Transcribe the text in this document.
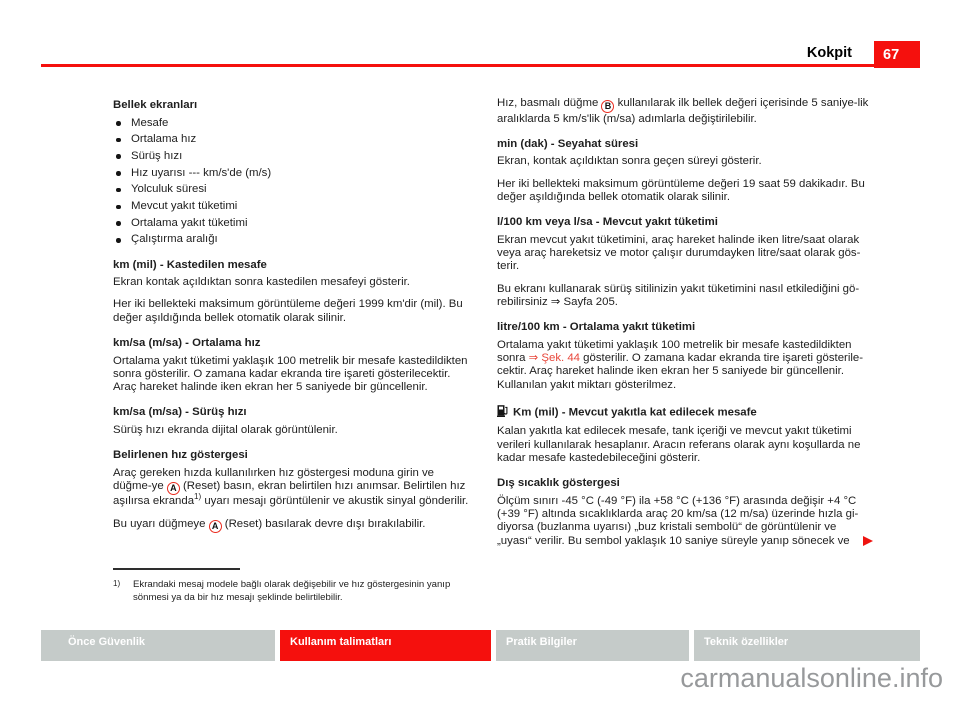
Kokpit	67
Bellek ekranları
Mesafe
Ortalama hız
Sürüş hızı
Hız uyarısı --- km/s'de (m/s)
Yolculuk süresi
Mevcut yakıt tüketimi
Ortalama yakıt tüketimi
Çalıştırma aralığı
km (mil) - Kastedilen mesafe
Ekran kontak açıldıktan sonra kastedilen mesafeyi gösterir.
Her iki bellekteki maksimum görüntüleme değeri 1999 km'dir (mil). Bu değer aşıldığında bellek otomatik olarak silinir.
km/sa (m/sa) - Ortalama hız
Ortalama yakıt tüketimi yaklaşık 100 metrelik bir mesafe kastedildikten sonra gösterilir. O zamana kadar ekranda tire işareti gösterilecektir. Araç hareket halinde iken ekran her 5 saniyede bir güncellenir.
km/sa (m/sa) - Sürüş hızı
Sürüş hızı ekranda dijital olarak görüntülenir.
Belirlenen hız göstergesi
Araç gereken hızda kullanılırken hız göstergesi moduna girin ve düğme-ye A (Reset) basın, ekran belirtilen hızı anımsar. Belirtilen hız aşılırsa ekranda$^{1)}$ uyarı mesajı görüntülenir ve akustik sinyal gönderilir.
Bu uyarı düğmeye A (Reset) basılarak devre dışı bırakılabilir.
Hız, basmalı düğme B kullanılarak ilk bellek değeri içerisinde 5 saniye-lik aralıklarda 5 km/s'lik (m/sa) adımlarla değiştirilebilir.
min (dak) - Seyahat süresi
Ekran, kontak açıldıktan sonra geçen süreyi gösterir.
Her iki bellekteki maksimum görüntüleme değeri 19 saat 59 dakikadır. Bu değer aşıldığında bellek otomatik olarak silinir.
l/100 km veya l/sa - Mevcut yakıt tüketimi
Ekran mevcut yakıt tüketimini, araç hareket halinde iken litre/saat olarak veya araç hareketsiz ve motor çalışır durumdayken litre/saat olarak gös-terir.
Bu ekranı kullanarak sürüş sitilinizin yakıt tüketimini nasıl etkilediğini gö-rebilirsiniz ⇒ Sayfa 205.
litre/100 km - Ortalama yakıt tüketimi
Ortalama yakıt tüketimi yaklaşık 100 metrelik bir mesafe kastedildikten sonra ⇒ Şek. 44 gösterilir. O zamana kadar ekranda tire işareti gösterile-cektir. Araç hareket halinde iken ekran her 5 saniyede bir güncellenir. Kullanılan yakıt miktarı gösterilmez.
Km (mil) - Mevcut yakıtla kat edilecek mesafe
Kalan yakıtla kat edilecek mesafe, tank içeriği ve mevcut yakıt tüketimi verileri kullanılarak hesaplanır. Aracın referans olarak aynı koşullarda ne kadar mesafe kastedebileceğini gösterir.
Dış sıcaklık göstergesi
Ölçüm sınırı -45 °C (-49 °F) ila +58 °C (+136 °F) arasında değişir +4 °C (+39 °F) altında sıcaklıklarda araç 20 km/sa (12 m/sa) üzerinde hızla gi-diyorsa (buzlanma uyarısı) „buz kristali sembolü“ de görüntülenir ve „uyası“ verilir. Bu sembol yaklaşık 10 saniye süreyle yanıp sönecek ve
1) Ekrandaki mesaj modele bağlı olarak değişebilir ve hız göstergesinin yanıp sönmesi ya da bir hız mesajı şeklinde belirtilebilir.
Önce Güvenlik	Kullanım talimatları	Pratik Bilgiler	Teknik özellikler
carmanualsonline.info
